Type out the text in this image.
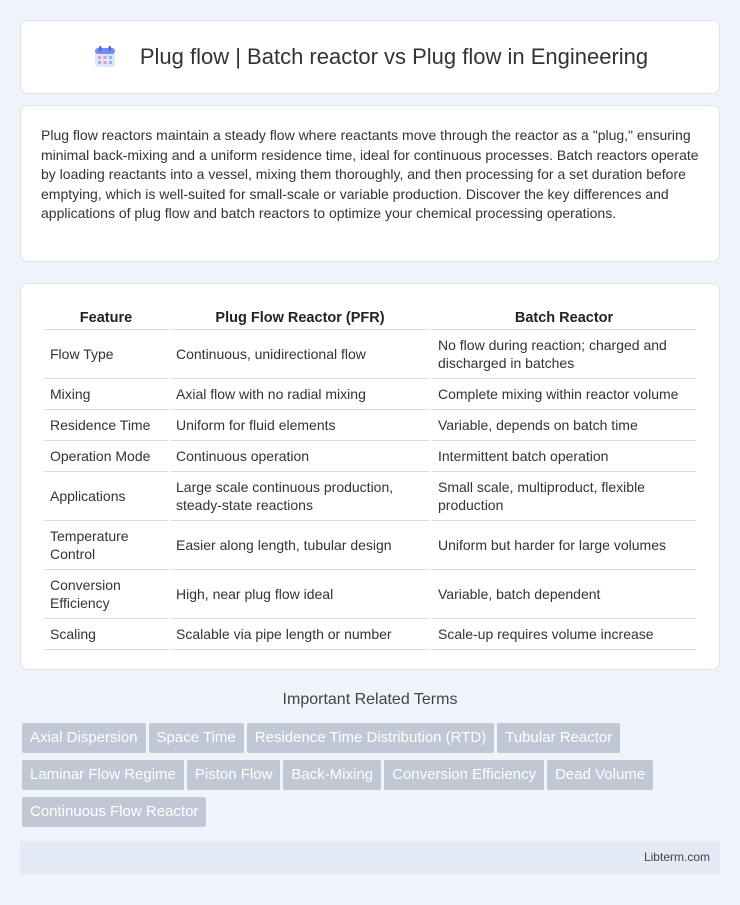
Plug flow | Batch reactor vs Plug flow in Engineering

Plug flow reactors maintain a steady flow where reactants move through the reactor as a "plug," ensuring minimal back-mixing and a uniform residence time, ideal for continuous processes. Batch reactors operate by loading reactants into a vessel, mixing them thoroughly, and then processing for a set duration before emptying, which is well-suited for small-scale or variable production. Discover the key differences and applications of plug flow and batch reactors to optimize your chemical processing operations.

Feature	Plug Flow Reactor (PFR)	Batch Reactor
Flow Type	Continuous, unidirectional flow	No flow during reaction; charged and discharged in batches
Mixing	Axial flow with no radial mixing	Complete mixing within reactor volume
Residence Time	Uniform for fluid elements	Variable, depends on batch time
Operation Mode	Continuous operation	Intermittent batch operation
Applications	Large scale continuous production, steady-state reactions	Small scale, multiproduct, flexible production
Temperature Control	Easier along length, tubular design	Uniform but harder for large volumes
Conversion Efficiency	High, near plug flow ideal	Variable, batch dependent
Scaling	Scalable via pipe length or number	Scale-up requires volume increase
Important Related Terms
Axial Dispersion Space Time Residence Time Distribution (RTD) Tubular ReactorLaminar Flow Regime Piston Flow Back-Mixing Conversion Efficiency Dead VolumeContinuous Flow Reactor
Libterm.com
